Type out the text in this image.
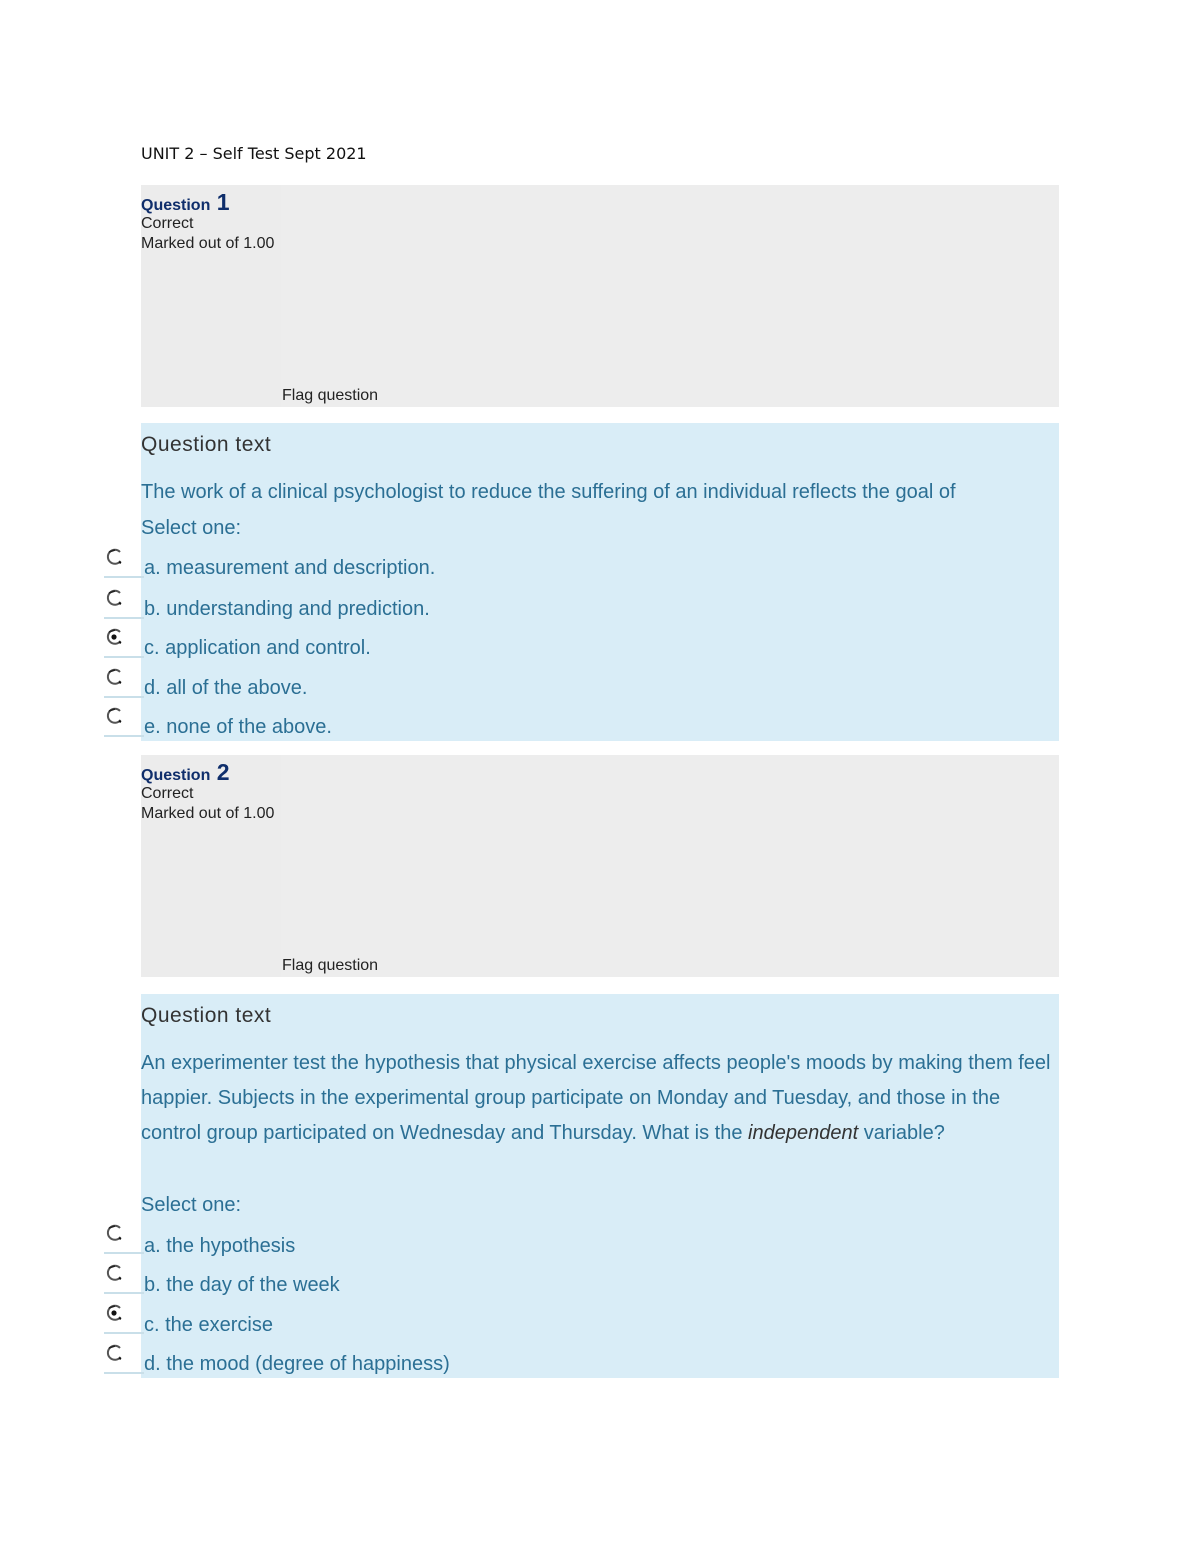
UNIT 2 – Self Test Sept 2021
Question 1
Correct
Marked out of 1.00
Flag question
Question text
The work of a clinical psychologist to reduce the suffering of an individual reflects the goal of
Select one:
a. measurement and description.
b. understanding and prediction.
c. application and control.
d. all of the above.
e. none of the above.
Question 2
Correct
Marked out of 1.00
Flag question
Question text
An experimenter test the hypothesis that physical exercise affects people's moods by making them feel happier. Subjects in the experimental group participate on Monday and Tuesday, and those in the control group participated on Wednesday and Thursday. What is the independent variable?
Select one:
a. the hypothesis
b. the day of the week
c. the exercise
d. the mood (degree of happiness)
